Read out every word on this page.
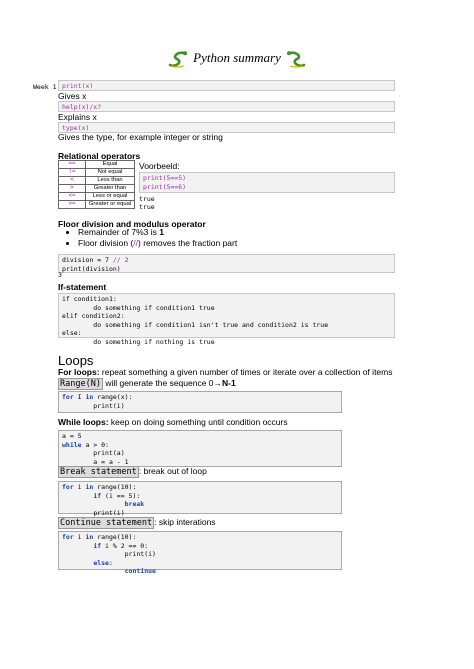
Python summary
Week 1 print(x)
Gives x
help(x)/x?
Explains x
type(x)
Gives the type, for example integer or string
Relational operators
==	Equal
!=	Not equal
<	Less than
>	Greater than
<=	Less or equal
>=	Greater or equal
Voorbeeld:
print(5==5)
print(5==6)
true
true
Floor division and modulus operator
• Remainder of 7%3 is 1
• Floor division (//) removes the fraction part
division = 7 // 2
print(division)
3
If-statement
if condition1:
do something if condition1 true
elif condition2:
do something if condition1 isn't true and condition2 is true
else:
do something if nothing is true
Loops
For loops: repeat something a given number of times or iterate over a collection of items
Range(N) will generate the sequence 0→N-1
for I in range(x):
print(i)
While loops: keep on doing something until condition occurs
a = 5
while a > 0:
print(a)
a = a - 1
Break statement : break out of loop
for i in range(10):
if (i == 5):
break
print(i)
Continue statement : skip interations
for i in range(10):
if i % 2 == 0:
print(i)
else:
continue
